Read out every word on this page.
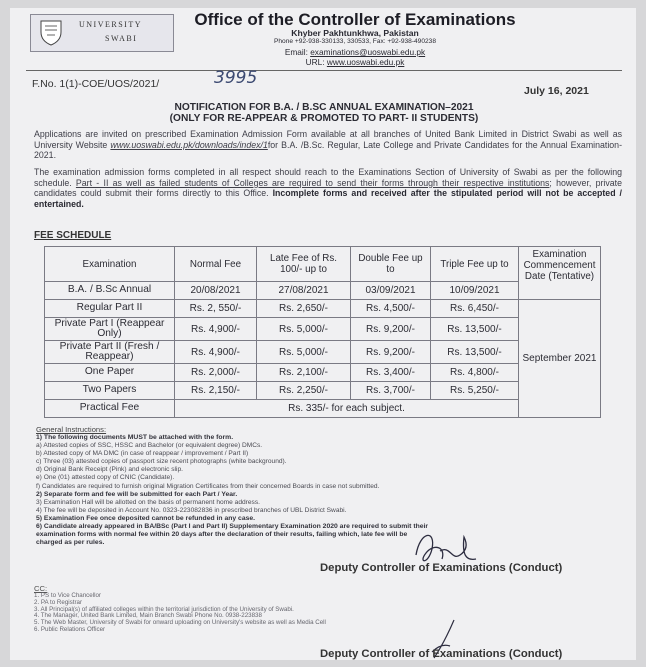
UNIVERSITY
SWABI
Office of the Controller of Examinations
Khyber Pakhtunkhwa, Pakistan
Phone +92-938-330133, 330533, Fax: +92-938-490238
Email: examinations@uoswabi.edu.pk
URL: www.uoswabi.edu.pk
F.No. 1(1)-COE/UOS/2021/	3995
July 16, 2021
NOTIFICATION FOR B.A. / B.SC ANNUAL EXAMINATION–2021
(ONLY FOR RE-APPEAR & PROMOTED TO PART- II STUDENTS)
Applications are invited on prescribed Examination Admission Form available at all branches of United Bank Limited in District Swabi as well as University Website www.uoswabi.edu.pk/downloads/index/1for B.A. /B.Sc. Regular, Late College and Private Candidates for the Annual Examination-2021.
The examination admission forms completed in all respect should reach to the Examinations Section of University of Swabi as per the following schedule. Part - II as well as failed students of Colleges are required to send their forms through their respective institutions; however, private candidates could submit their forms directly to this Office. Incomplete forms and received after the stipulated period will not be accepted / entertained.
FEE SCHEDULE
Examination	Normal Fee	Late Fee of Rs. 100/- up to	Double Fee up to	Triple Fee up to	Examination Commencement Date (Tentative)
B.A. / B.Sc Annual	20/08/2021	27/08/2021	03/09/2021	10/09/2021	
Regular Part II	Rs. 2, 550/-	Rs. 2,650/-	Rs. 4,500/-	Rs. 6,450/-	September 2021
Private Part I (Reappear Only)	Rs. 4,900/-	Rs. 5,000/-	Rs. 9,200/-	Rs. 13,500/-	
Private Part II (Fresh / Reappear)	Rs. 4,900/-	Rs. 5,000/-	Rs. 9,200/-	Rs. 13,500/-	
One Paper	Rs. 2,000/-	Rs. 2,100/-	Rs. 3,400/-	Rs. 4,800/-	
Two Papers	Rs. 2,150/-	Rs. 2,250/-	Rs. 3,700/-	Rs. 5,250/-	
Practical Fee	Rs. 335/- for each subject.				
General Instructions:
1) The following documents MUST be attached with the form.
a) Attested copies of SSC, HSSC and Bachelor (or equivalent degree) DMCs.
b) Attested copy of MA DMC (in case of reappear / improvement / Part II)
c) Three (03) attested copies of passport size recent photographs (white background).
d) Original Bank Receipt (Pink) and electronic slip.
e) One (01) attested copy of CNIC (Candidate).
f) Candidates are required to furnish original Migration Certificates from their concerned Boards in case not submitted.
2) Separate form and fee will be submitted for each Part / Year.
3) Examination Hall will be allotted on the basis of permanent home address.
4) The fee will be deposited in Account No. 0323-223082836 in prescribed branches of UBL District Swabi.
5) Examination Fee once deposited cannot be refunded in any case.
6) Candidate already appeared in BA/BSc (Part I and Part II) Supplementary Examination 2020 are required to submit their
examination forms with normal fee within 20 days after the declaration of their results, failing which, late fee will be
charged as per rules.
Deputy Controller of Examinations (Conduct)
CC:
1. PS to Vice Chancellor
2. PA to Registrar
3. All Principal(s) of affiliated colleges within the territorial jurisdiction of the University of Swabi.
4. The Manager, United Bank Limited, Main Branch Swabi Phone No. 0938-223838
5. The Web Master, University of Swabi for onward uploading on University's website as well as Media Cell
6. Public Relations Officer
Deputy Controller of Examinations (Conduct)
